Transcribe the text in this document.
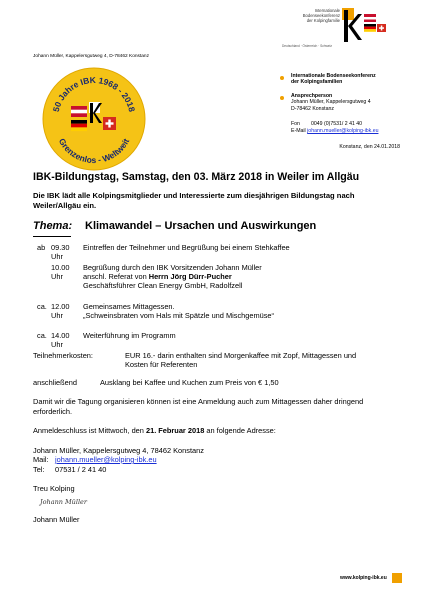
Internationale
Bodenseekonferenz
der Kolpingfamilie
Deutschland · Österreich · Schweiz
Johann Müller, Kappelersgutweg 4, D-78462 Konstanz
50 Jahre IBK 1968 - 2018
Grenzenlos - Weltweit
Internationale Bodenseekonferenz
der Kolpingsfamilien
Ansprechperson
Johann Müller, Kappelersgutweg 4
D-78462 Konstanz
Fon 0049 (0)7531/ 2 41 40
E-Mail johann.mueller@kolping-ibk.eu
Konstanz, den 24.01.2018
IBK-Bildungstag, Samstag, den 03. März 2018 in Weiler im Allgäu
Die IBK lädt alle Kolpingsmitglieder und Interessierte zum diesjährigen Bildungstag nach Weiler/Allgäu ein.
Thema: Klimawandel – Ursachen und Auswirkungen
ab 09.30 Uhr
Eintreffen der Teilnehmer und Begrüßung bei einem Stehkaffee
10.00 Uhr
Begrüßung durch den IBK Vorsitzenden Johann Müller
anschl. Referat von Herrn Jörg Dürr-Pucher
Geschäftsführer Clean Energy GmbH, Radolfzell
ca. 12.00 Uhr
Gemeinsames Mittagessen.
„Schweinsbraten vom Hals mit Spätzle und Mischgemüse“
ca. 14.00 Uhr
Weiterführung im Programm
Teilnehmerkosten:	EUR 16.- darin enthalten sind Morgenkaffee mit Zopf, Mittagessen und
Kosten für Referenten
anschließend	Ausklang bei Kaffee und Kuchen zum Preis von € 1,50
Damit wir die Tagung organisieren können ist eine Anmeldung auch zum Mittagessen daher dringend erforderlich.
Anmeldeschluss ist Mittwoch, den 21. Februar 2018 an folgende Adresse:
Johann Müller, Kappelersgutweg 4, 78462 Konstanz
Mail: johann.mueller@kolping-ibk.eu
Tel: 07531 / 2 41 40
Treu Kolping
Johann Müller
Johann Müller
www.kolping-ibk.eu
